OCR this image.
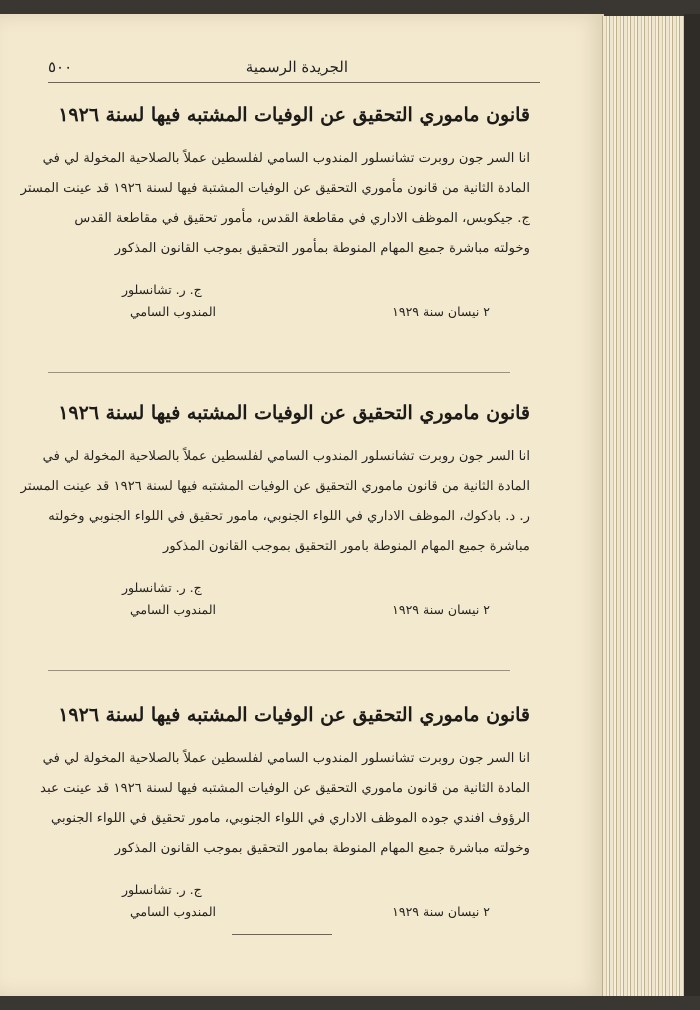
الجريدة الرسمية
٥٠٠
قانون ماموري التحقيق عن الوفيات المشتبه فيها لسنة ١٩٢٦

انا السر جون روبرت تشانسلور المندوب السامي لفلسطين عملاً بالصلاحية المخولة لي في

المادة الثانية من قانون مأموري التحقيق عن الوفيات المشتبة فيها لسنة ١٩٢٦ قد عينت المستر

ج. جيكوبس، الموظف الاداري في مقاطعة القدس، مأمور تحقيق في مقاطعة القدس

وخولته مباشرة جميع المهام المنوطة بمأمور التحقيق بموجب القانون المذكور

ج. ر. تشانسلور
المندوب السامي	٢ نيسان سنة ١٩٢٩
قانون ماموري التحقيق عن الوفيات المشتبه فيها لسنة ١٩٢٦

انا السر جون روبرت تشانسلور المندوب السامي لفلسطين عملاً بالصلاحية المخولة لي في

المادة الثانية من قانون ماموري التحقيق عن الوفيات المشتبه فيها لسنة ١٩٢٦ قد عينت المستر

ر. د. بادكوك، الموظف الاداري في اللواء الجنوبي، مامور تحقيق في اللواء الجنوبي وخولته

مباشرة جميع المهام المنوطة بامور التحقيق بموجب القانون المذكور

ج. ر. تشانسلور
المندوب السامي	٢ نيسان سنة ١٩٢٩
قانون ماموري التحقيق عن الوفيات المشتبه فيها لسنة ١٩٢٦

انا السر جون روبرت تشانسلور المندوب السامي لفلسطين عملاً بالصلاحية المخولة لي في

المادة الثانية من قانون ماموري التحقيق عن الوفيات المشتبه فيها لسنة ١٩٢٦ قد عينت عبد

الرؤوف افندي جوده الموظف الاداري في اللواء الجنوبي، مامور تحقيق في اللواء الجنوبي

وخولته مباشرة جميع المهام المنوطة بمامور التحقيق بموجب القانون المذكور

ج. ر. تشانسلور
المندوب السامي	٢ نيسان سنة ١٩٢٩
